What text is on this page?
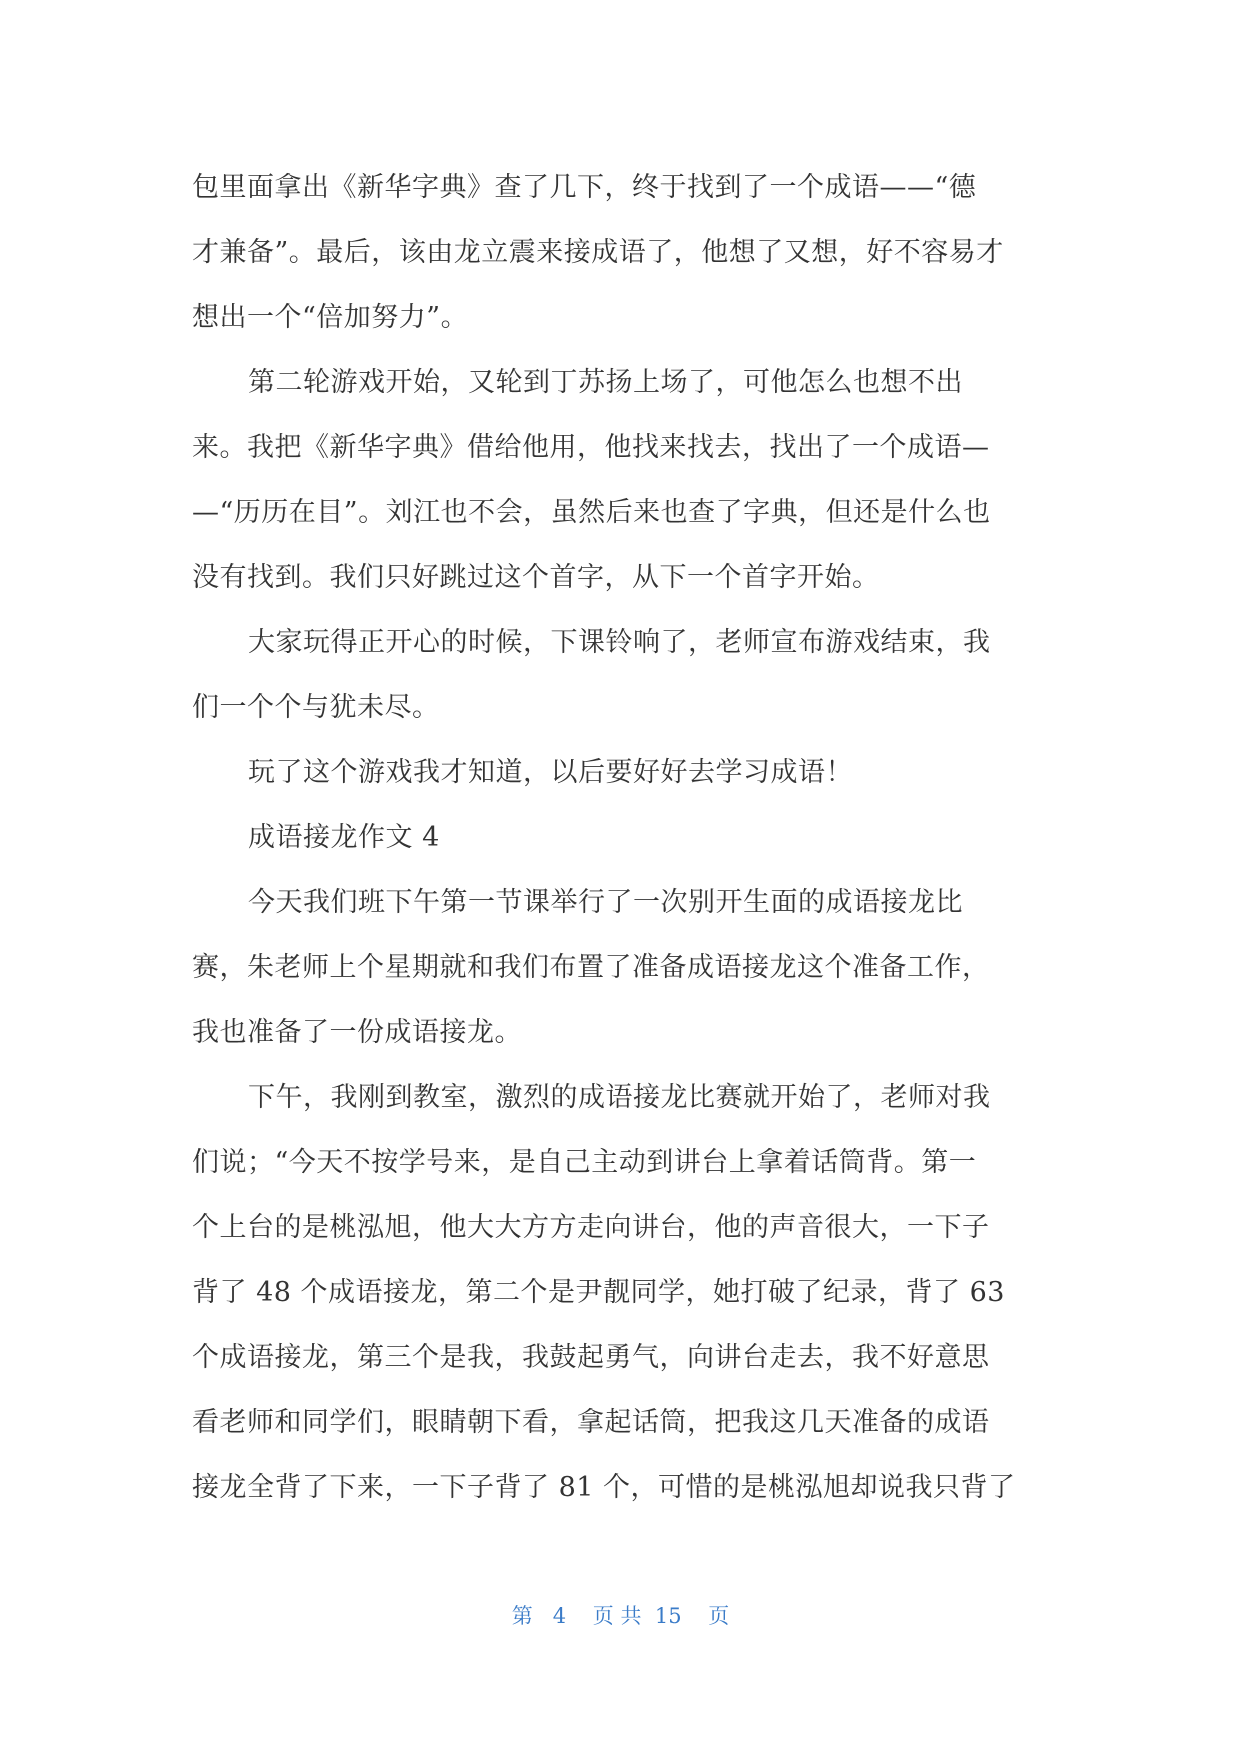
包里面拿出《新华字典》查了几下，终于找到了一个成语——“德
才兼备”。最后，该由龙立震来接成语了，他想了又想，好不容易才
想出一个“倍加努力”。
第二轮游戏开始，又轮到丁苏扬上场了，可他怎么也想不出
来。我把《新华字典》借给他用，他找来找去，找出了一个成语—
—“历历在目”。刘江也不会，虽然后来也查了字典，但还是什么也
没有找到。我们只好跳过这个首字，从下一个首字开始。
大家玩得正开心的时候，下课铃响了，老师宣布游戏结束，我
们一个个与犹未尽。
玩了这个游戏我才知道，以后要好好去学习成语！
成语接龙作文 4
今天我们班下午第一节课举行了一次别开生面的成语接龙比
赛，朱老师上个星期就和我们布置了准备成语接龙这个准备工作，
我也准备了一份成语接龙。
下午，我刚到教室，激烈的成语接龙比赛就开始了，老师对我
们说；“今天不按学号来，是自己主动到讲台上拿着话筒背。第一
个上台的是桃泓旭，他大大方方走向讲台，他的声音很大，一下子
背了 48 个成语接龙，第二个是尹靓同学，她打破了纪录，背了 63
个成语接龙，第三个是我，我鼓起勇气，向讲台走去，我不好意思
看老师和同学们，眼睛朝下看，拿起话筒，把我这几天准备的成语
接龙全背了下来，一下子背了 81 个，可惜的是桃泓旭却说我只背了
第   4    页 共  15    页
